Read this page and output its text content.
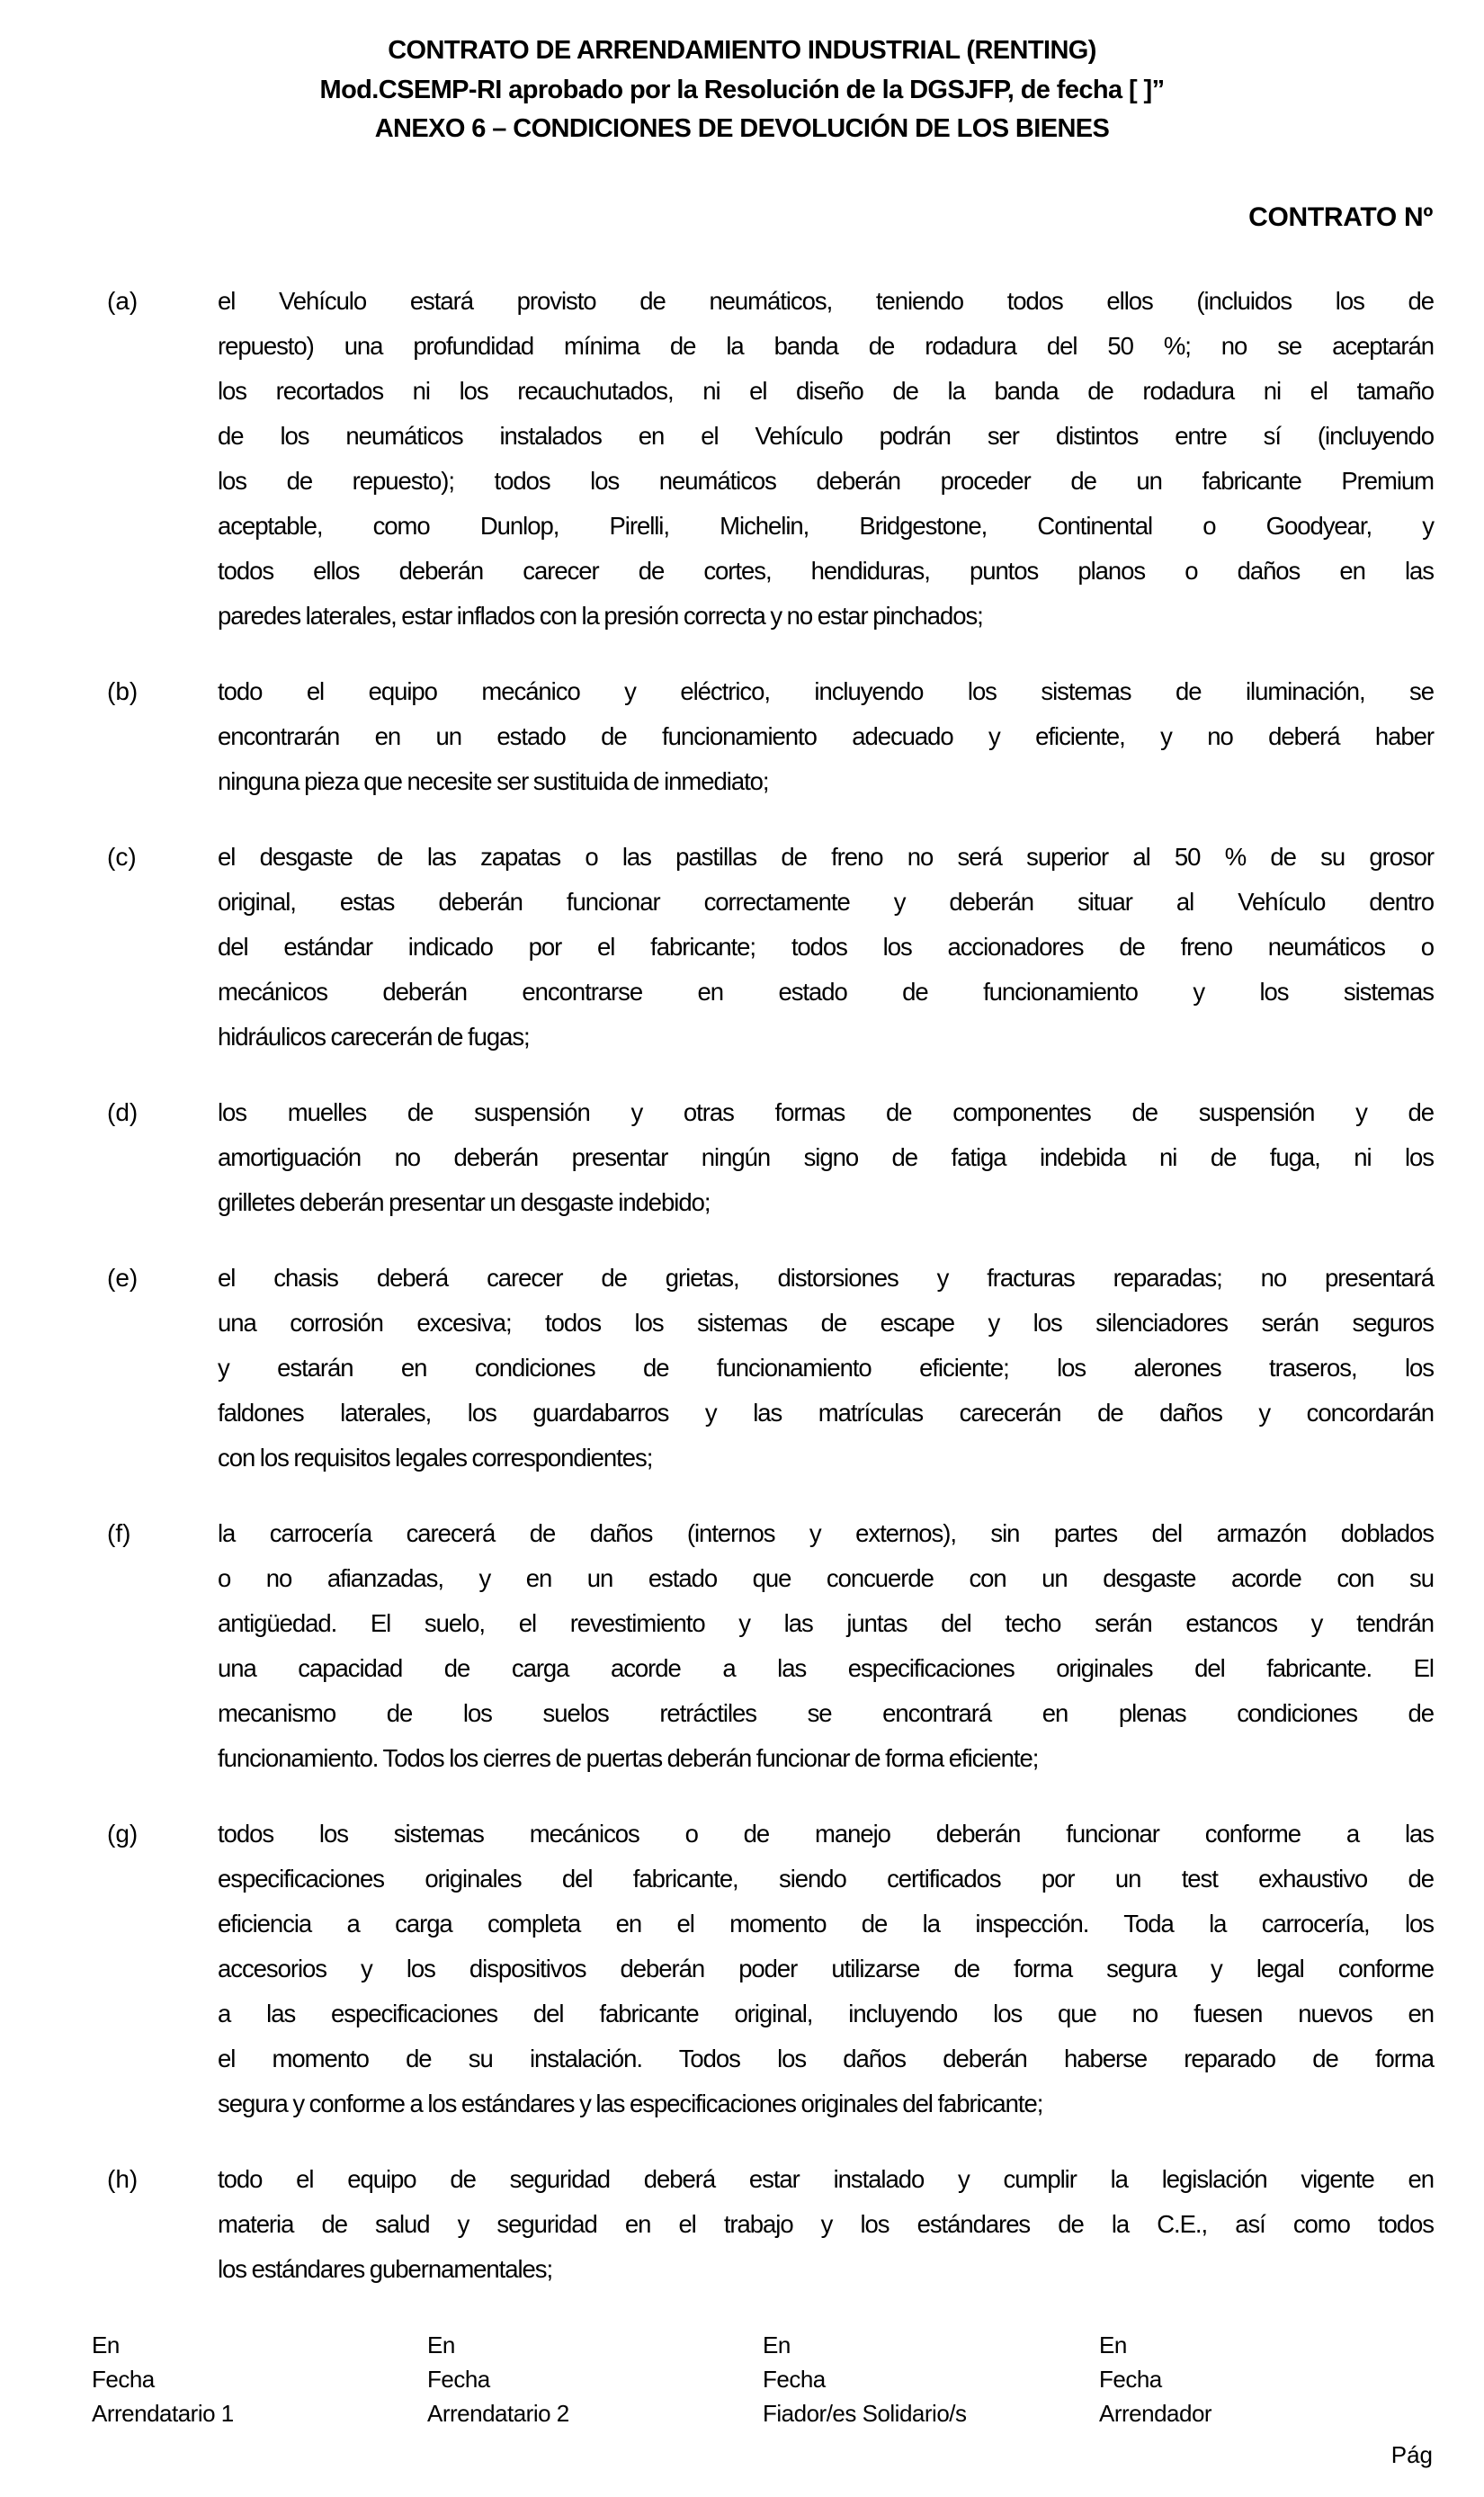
CONTRATO DE ARRENDAMIENTO INDUSTRIAL (RENTING)
Mod.CSEMP-RI aprobado por la Resolución de la DGSJFP, de fecha [ ]”
ANEXO 6 – CONDICIONES DE DEVOLUCIÓN DE LOS BIENES
CONTRATO Nº
(a)	el Vehículo estará provisto de neumáticos, teniendo todos ellos (incluidos los de
repuesto) una profundidad mínima de la banda de rodadura del 50 %; no se aceptarán
los recortados ni los recauchutados, ni el diseño de la banda de rodadura ni el tamaño
de los neumáticos instalados en el Vehículo podrán ser distintos entre sí (incluyendo
los de repuesto); todos los neumáticos deberán proceder de un fabricante Premium
aceptable, como Dunlop, Pirelli, Michelin, Bridgestone, Continental o Goodyear, y
todos ellos deberán carecer de cortes, hendiduras, puntos planos o daños en las
paredes laterales, estar inflados con la presión correcta y no estar pinchados;
(b)	todo el equipo mecánico y eléctrico, incluyendo los sistemas de iluminación, se
encontrarán en un estado de funcionamiento adecuado y eficiente, y no deberá haber
ninguna pieza que necesite ser sustituida de inmediato;
(c)	el desgaste de las zapatas o las pastillas de freno no será superior al 50 % de su grosor
original, estas deberán funcionar correctamente y deberán situar al Vehículo dentro
del estándar indicado por el fabricante; todos los accionadores de freno neumáticos o
mecánicos deberán encontrarse en estado de funcionamiento y los sistemas
hidráulicos carecerán de fugas;
(d)	los muelles de suspensión y otras formas de componentes de suspensión y de
amortiguación no deberán presentar ningún signo de fatiga indebida ni de fuga, ni los
grilletes deberán presentar un desgaste indebido;
(e)	el chasis deberá carecer de grietas, distorsiones y fracturas reparadas; no presentará
una corrosión excesiva; todos los sistemas de escape y los silenciadores serán seguros
y estarán en condiciones de funcionamiento eficiente; los alerones traseros, los
faldones laterales, los guardabarros y las matrículas carecerán de daños y concordarán
con los requisitos legales correspondientes;
(f)	la carrocería carecerá de daños (internos y externos), sin partes del armazón doblados
o no afianzadas, y en un estado que concuerde con un desgaste acorde con su
antigüedad. El suelo, el revestimiento y las juntas del techo serán estancos y tendrán
una capacidad de carga acorde a las especificaciones originales del fabricante. El
mecanismo de los suelos retráctiles se encontrará en plenas condiciones de
funcionamiento. Todos los cierres de puertas deberán funcionar de forma eficiente;
(g)	todos los sistemas mecánicos o de manejo deberán funcionar conforme a las
especificaciones originales del fabricante, siendo certificados por un test exhaustivo de
eficiencia a carga completa en el momento de la inspección. Toda la carrocería, los
accesorios y los dispositivos deberán poder utilizarse de forma segura y legal conforme
a las especificaciones del fabricante original, incluyendo los que no fuesen nuevos en
el momento de su instalación. Todos los daños deberán haberse reparado de forma
segura y conforme a los estándares y las especificaciones originales del fabricante;
(h)	todo el equipo de seguridad deberá estar instalado y cumplir la legislación vigente en
materia de salud y seguridad en el trabajo y los estándares de la C.E., así como todos
los estándares gubernamentales;
En
Fecha
Arrendatario 1
En
Fecha
Arrendatario 2
En
Fecha
Fiador/es Solidario/s
En
Fecha
Arrendador
Pág
